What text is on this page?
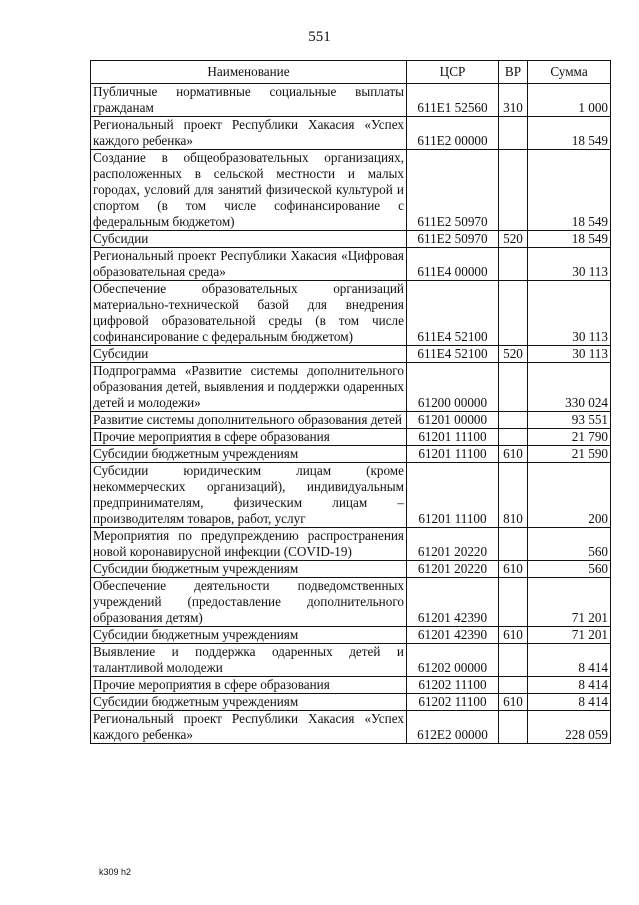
551
Наименование	ЦСР	ВР	Сумма
Публичные нормативные социальные выплаты гражданам	611E1 52560	310	1 000
Региональный проект Республики Хакасия «Успех каждого ребенка»	611E2 00000		18 549
Создание в общеобразовательных организациях, расположенных в сельской местности и малых городах, условий для занятий физической культурой и спортом (в том числе софинансирование с федеральным бюджетом)	611E2 50970		18 549
Субсидии	611E2 50970	520	18 549
Региональный проект Республики Хакасия «Цифровая образовательная среда»	611E4 00000		30 113
Обеспечение образовательных организаций материально-технической базой для внедрения цифровой образовательной среды (в том числе софинансирование с федеральным бюджетом)	611E4 52100		30 113
Субсидии	611E4 52100	520	30 113
Подпрограмма «Развитие системы дополнительного образования детей, выявления и поддержки одаренных детей и молодежи»	61200 00000		330 024
Развитие системы дополнительного образования детей	61201 00000		93 551
Прочие мероприятия в сфере образования	61201 11100		21 790
Субсидии бюджетным учреждениям	61201 11100	610	21 590
Субсидии юридическим лицам (кроме некоммерческих организаций), индивидуальным предпринимателям, физическим лицам – производителям товаров, работ, услуг	61201 11100	810	200
Мероприятия по предупреждению распространения новой коронавирусной инфекции (COVID-19)	61201 20220		560
Субсидии бюджетным учреждениям	61201 20220	610	560
Обеспечение деятельности подведомственных учреждений (предоставление дополнительного образования детям)	61201 42390		71 201
Субсидии бюджетным учреждениям	61201 42390	610	71 201
Выявление и поддержка одаренных детей и талантливой молодежи	61202 00000		8 414
Прочие мероприятия в сфере образования	61202 11100		8 414
Субсидии бюджетным учреждениям	61202 11100	610	8 414
Региональный проект Республики Хакасия «Успех каждого ребенка»	612E2 00000		228 059
k309 h2
